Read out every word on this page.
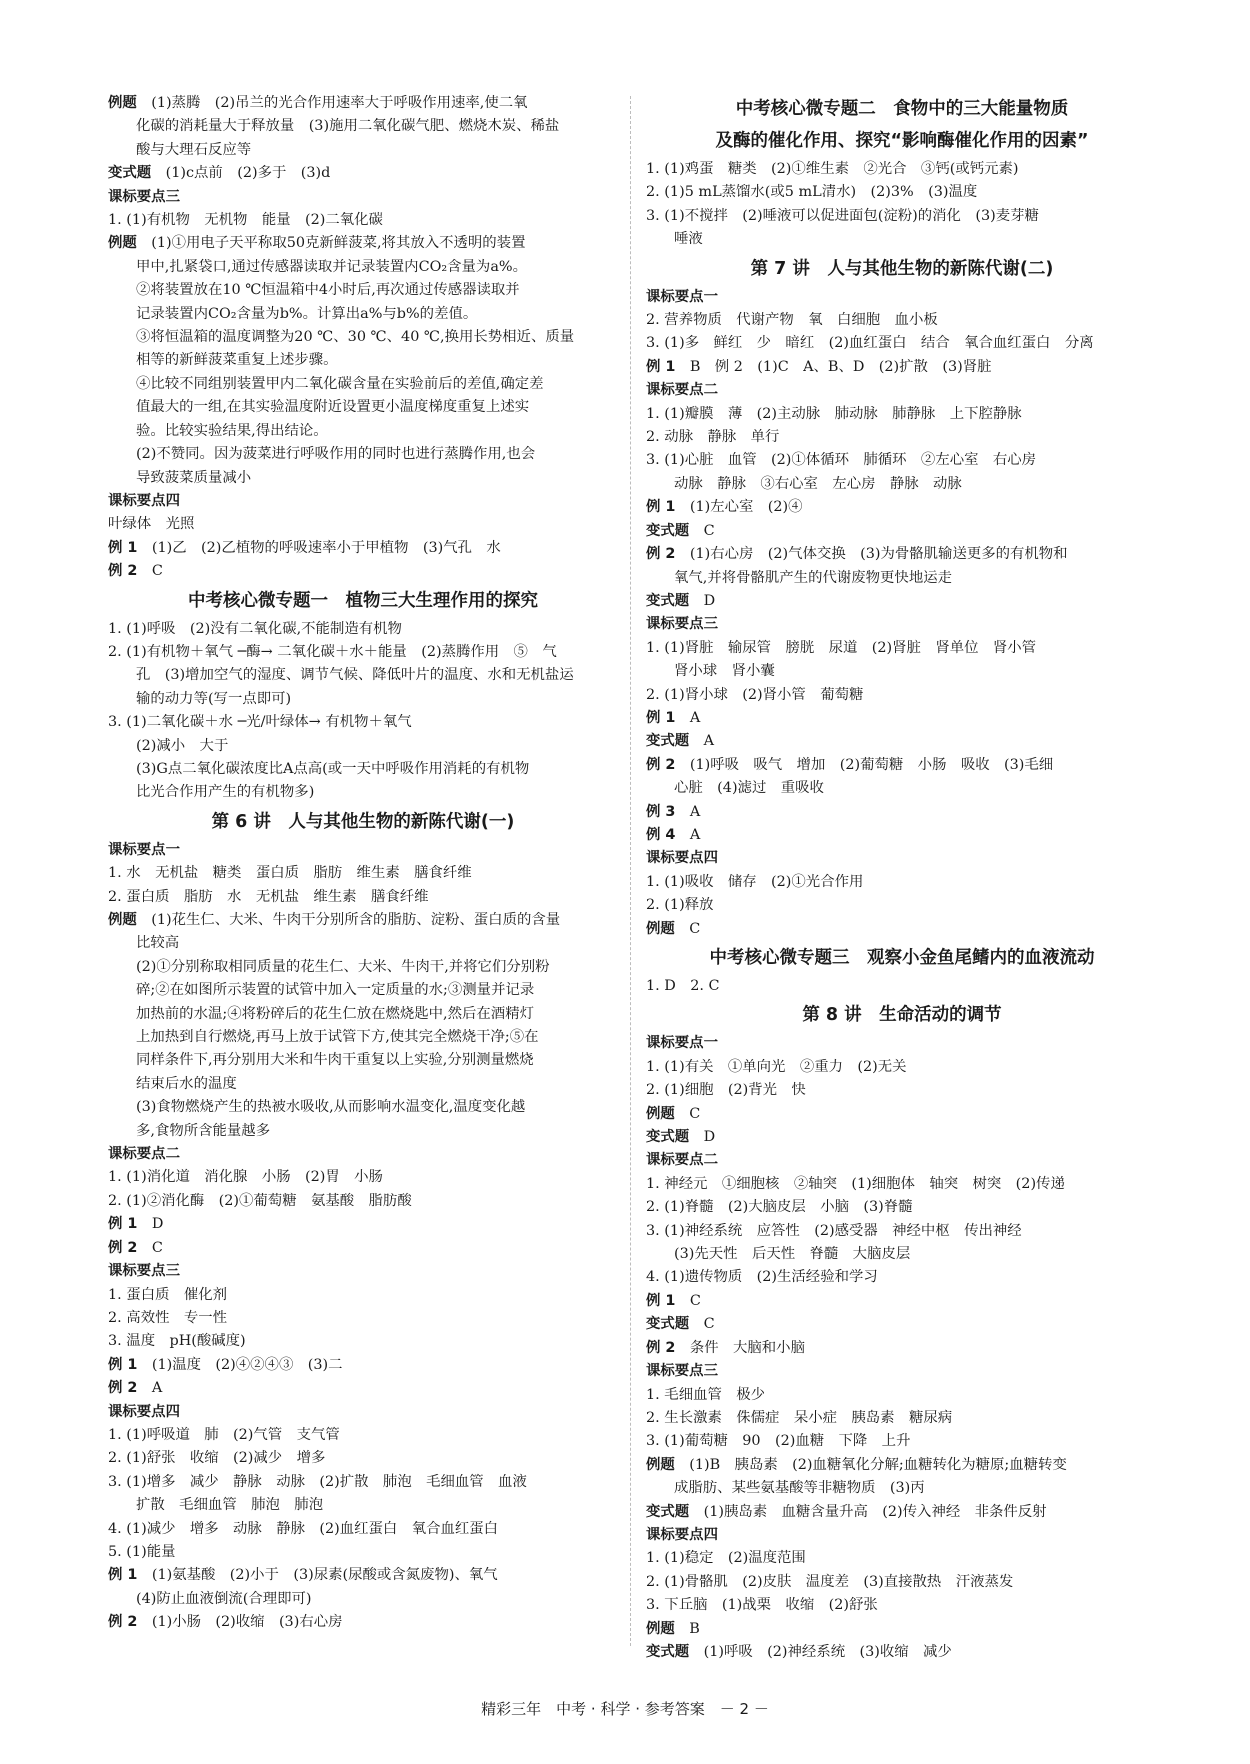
例题　 (1)蒸腾　(2)吊兰的光合作用速率大于呼吸作用速率,使二氧
化碳的消耗量大于释放量　(3)施用二氧化碳气肥、燃烧木炭、稀盐
酸与大理石反应等
变式题　 (1)c点前　(2)多于　(3)d
课标要点三
1. (1)有机物　无机物　能量　(2)二氧化碳
例题　 (1)①用电子天平称取50克新鲜菠菜,将其放入不透明的装置
甲中,扎紧袋口,通过传感器读取并记录装置内CO₂含量为a%。
②将装置放在10 ℃恒温箱中4小时后,再次通过传感器读取并
记录装置内CO₂含量为b%。计算出a%与b%的差值。
③将恒温箱的温度调整为20 ℃、30 ℃、40 ℃,换用长势相近、质量
相等的新鲜菠菜重复上述步骤。
④比较不同组别装置甲内二氧化碳含量在实验前后的差值,确定差
值最大的一组,在其实验温度附近设置更小温度梯度重复上述实
验。比较实验结果,得出结论。
(2)不赞同。因为菠菜进行呼吸作用的同时也进行蒸腾作用,也会
导致菠菜质量减小
课标要点四
叶绿体　光照
例 1　 (1)乙　(2)乙植物的呼吸速率小于甲植物　(3)气孔　水
例 2　 C
中考核心微专题一　植物三大生理作用的探究
1. (1)呼吸　(2)没有二氧化碳,不能制造有机物
2. (1)有机物＋氧气 ─酶→ 二氧化碳＋水＋能量　(2)蒸腾作用　⑤　气
孔　(3)增加空气的湿度、调节气候、降低叶片的温度、水和无机盐运
输的动力等(写一点即可)
3. (1)二氧化碳＋水 ─光/叶绿体→ 有机物＋氧气
(2)减小　大于
(3)G点二氧化碳浓度比A点高(或一天中呼吸作用消耗的有机物
比光合作用产生的有机物多)
第 6 讲　人与其他生物的新陈代谢(一)
课标要点一
1. 水　无机盐　糖类　蛋白质　脂肪　维生素　膳食纤维
2. 蛋白质　脂肪　水　无机盐　维生素　膳食纤维
例题　 (1)花生仁、大米、牛肉干分别所含的脂肪、淀粉、蛋白质的含量
比较高
(2)①分别称取相同质量的花生仁、大米、牛肉干,并将它们分别粉
碎;②在如图所示装置的试管中加入一定质量的水;③测量并记录
加热前的水温;④将粉碎后的花生仁放在燃烧匙中,然后在酒精灯
上加热到自行燃烧,再马上放于试管下方,使其完全燃烧干净;⑤在
同样条件下,再分别用大米和牛肉干重复以上实验,分别测量燃烧
结束后水的温度
(3)食物燃烧产生的热被水吸收,从而影响水温变化,温度变化越
多,食物所含能量越多
课标要点二
1. (1)消化道　消化腺　小肠　(2)胃　小肠
2. (1)②消化酶　(2)①葡萄糖　氨基酸　脂肪酸
例 1　 D
例 2　 C
课标要点三
1. 蛋白质　催化剂
2. 高效性　专一性
3. 温度　pH(酸碱度)
例 1　 (1)温度　(2)④②④③　(3)二
例 2　 A
课标要点四
1. (1)呼吸道　肺　(2)气管　支气管
2. (1)舒张　收缩　(2)减少　增多
3. (1)增多　减少　静脉　动脉　(2)扩散　肺泡　毛细血管　血液
扩散　毛细血管　肺泡　肺泡
4. (1)减少　增多　动脉　静脉　(2)血红蛋白　氧合血红蛋白
5. (1)能量
例 1　 (1)氨基酸　(2)小于　(3)尿素(尿酸或含氮废物)、氧气
(4)防止血液倒流(合理即可)
例 2　 (1)小肠　(2)收缩　(3)右心房
中考核心微专题二　食物中的三大能量物质
及酶的催化作用、探究“影响酶催化作用的因素”
1. (1)鸡蛋　糖类　(2)①维生素　②光合　③钙(或钙元素)
2. (1)5 mL蒸馏水(或5 mL清水)　(2)3%　(3)温度
3. (1)不搅拌　(2)唾液可以促进面包(淀粉)的消化　(3)麦芽糖
唾液
第 7 讲　人与其他生物的新陈代谢(二)
课标要点一
2. 营养物质　代谢产物　氧　白细胞　血小板
3. (1)多　鲜红　少　暗红　(2)血红蛋白　结合　氧合血红蛋白　分离
例 1　 B　例 2　(1)C　A、B、D　(2)扩散　(3)肾脏
课标要点二
1. (1)瓣膜　薄　(2)主动脉　肺动脉　肺静脉　上下腔静脉
2. 动脉　静脉　单行
3. (1)心脏　血管　(2)①体循环　肺循环　②左心室　右心房
动脉　静脉　③右心室　左心房　静脉　动脉
例 1　 (1)左心室　(2)④
变式题　 C
例 2　 (1)右心房　(2)气体交换　(3)为骨骼肌输送更多的有机物和
氧气,并将骨骼肌产生的代谢废物更快地运走
变式题　 D
课标要点三
1. (1)肾脏　输尿管　膀胱　尿道　(2)肾脏　肾单位　肾小管
肾小球　肾小囊
2. (1)肾小球　(2)肾小管　葡萄糖
例 1　 A
变式题　 A
例 2　 (1)呼吸　吸气　增加　(2)葡萄糖　小肠　吸收　(3)毛细
心脏　(4)滤过　重吸收
例 3　 A
例 4　 A
课标要点四
1. (1)吸收　储存　(2)①光合作用
2. (1)释放
例题　 C
中考核心微专题三　观察小金鱼尾鳍内的血液流动
1. D　2. C
第 8 讲　生命活动的调节
课标要点一
1. (1)有关　①单向光　②重力　(2)无关
2. (1)细胞　(2)背光　快
例题　 C
变式题　 D
课标要点二
1. 神经元　①细胞核　②轴突　(1)细胞体　轴突　树突　(2)传递
2. (1)脊髓　(2)大脑皮层　小脑　(3)脊髓
3. (1)神经系统　应答性　(2)感受器　神经中枢　传出神经
(3)先天性　后天性　脊髓　大脑皮层
4. (1)遗传物质　(2)生活经验和学习
例 1　 C
变式题　 C
例 2　 条件　大脑和小脑
课标要点三
1. 毛细血管　极少
2. 生长激素　侏儒症　呆小症　胰岛素　糖尿病
3. (1)葡萄糖　90　(2)血糖　下降　上升
例题　 (1)B　胰岛素　(2)血糖氧化分解;血糖转化为糖原;血糖转变
成脂肪、某些氨基酸等非糖物质　(3)丙
变式题　 (1)胰岛素　血糖含量升高　(2)传入神经　非条件反射
课标要点四
1. (1)稳定　(2)温度范围
2. (1)骨骼肌　(2)皮肤　温度差　(3)直接散热　汗液蒸发
3. 下丘脑　(1)战栗　收缩　(2)舒张
例题　 B
变式题　 (1)呼吸　(2)神经系统　(3)收缩　减少
精彩三年　中考 · 科学 · 参考答案　－ 2 －
